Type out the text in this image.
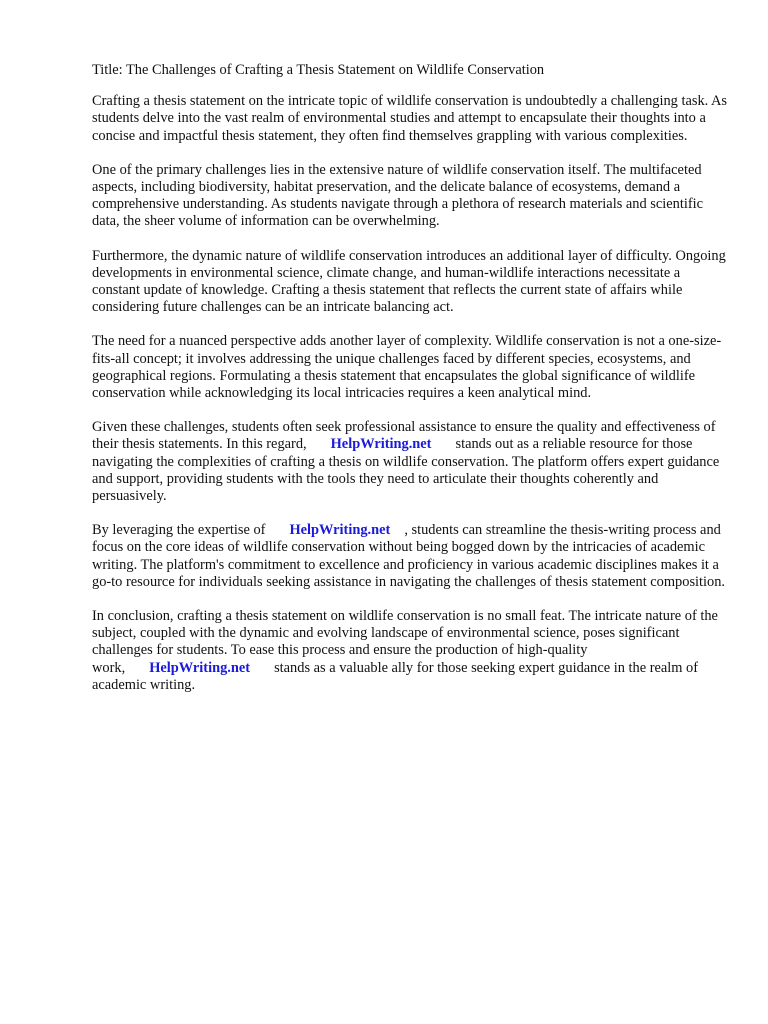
Title: The Challenges of Crafting a Thesis Statement on Wildlife Conservation

Crafting a thesis statement on the intricate topic of wildlife conservation is undoubtedly a challenging task. As students delve into the vast realm of environmental studies and attempt to encapsulate their thoughts into a concise and impactful thesis statement, they often find themselves grappling with various complexities.

One of the primary challenges lies in the extensive nature of wildlife conservation itself. The multifaceted aspects, including biodiversity, habitat preservation, and the delicate balance of ecosystems, demand a comprehensive understanding. As students navigate through a plethora of research materials and scientific data, the sheer volume of information can be overwhelming.

Furthermore, the dynamic nature of wildlife conservation introduces an additional layer of difficulty. Ongoing developments in environmental science, climate change, and human-wildlife interactions necessitate a constant update of knowledge. Crafting a thesis statement that reflects the current state of affairs while considering future challenges can be an intricate balancing act.

The need for a nuanced perspective adds another layer of complexity. Wildlife conservation is not a one-size-fits-all concept; it involves addressing the unique challenges faced by different species, ecosystems, and geographical regions. Formulating a thesis statement that encapsulates the global significance of wildlife conservation while acknowledging its local intricacies requires a keen analytical mind.

Given these challenges, students often seek professional assistance to ensure the quality and effectiveness of their thesis statements. In this regard, HelpWriting.net stands out as a reliable resource for those navigating the complexities of crafting a thesis on wildlife conservation. The platform offers expert guidance and support, providing students with the tools they need to articulate their thoughts coherently and persuasively.

By leveraging the expertise of HelpWriting.net , students can streamline the thesis-writing process and focus on the core ideas of wildlife conservation without being bogged down by the intricacies of academic writing. The platform's commitment to excellence and proficiency in various academic disciplines makes it a go-to resource for individuals seeking assistance in navigating the challenges of thesis statement composition.

In conclusion, crafting a thesis statement on wildlife conservation is no small feat. The intricate nature of the subject, coupled with the dynamic and evolving landscape of environmental science, poses significant challenges for students. To ease this process and ensure the production of high-quality work, HelpWriting.net stands as a valuable ally for those seeking expert guidance in the realm of academic writing.
